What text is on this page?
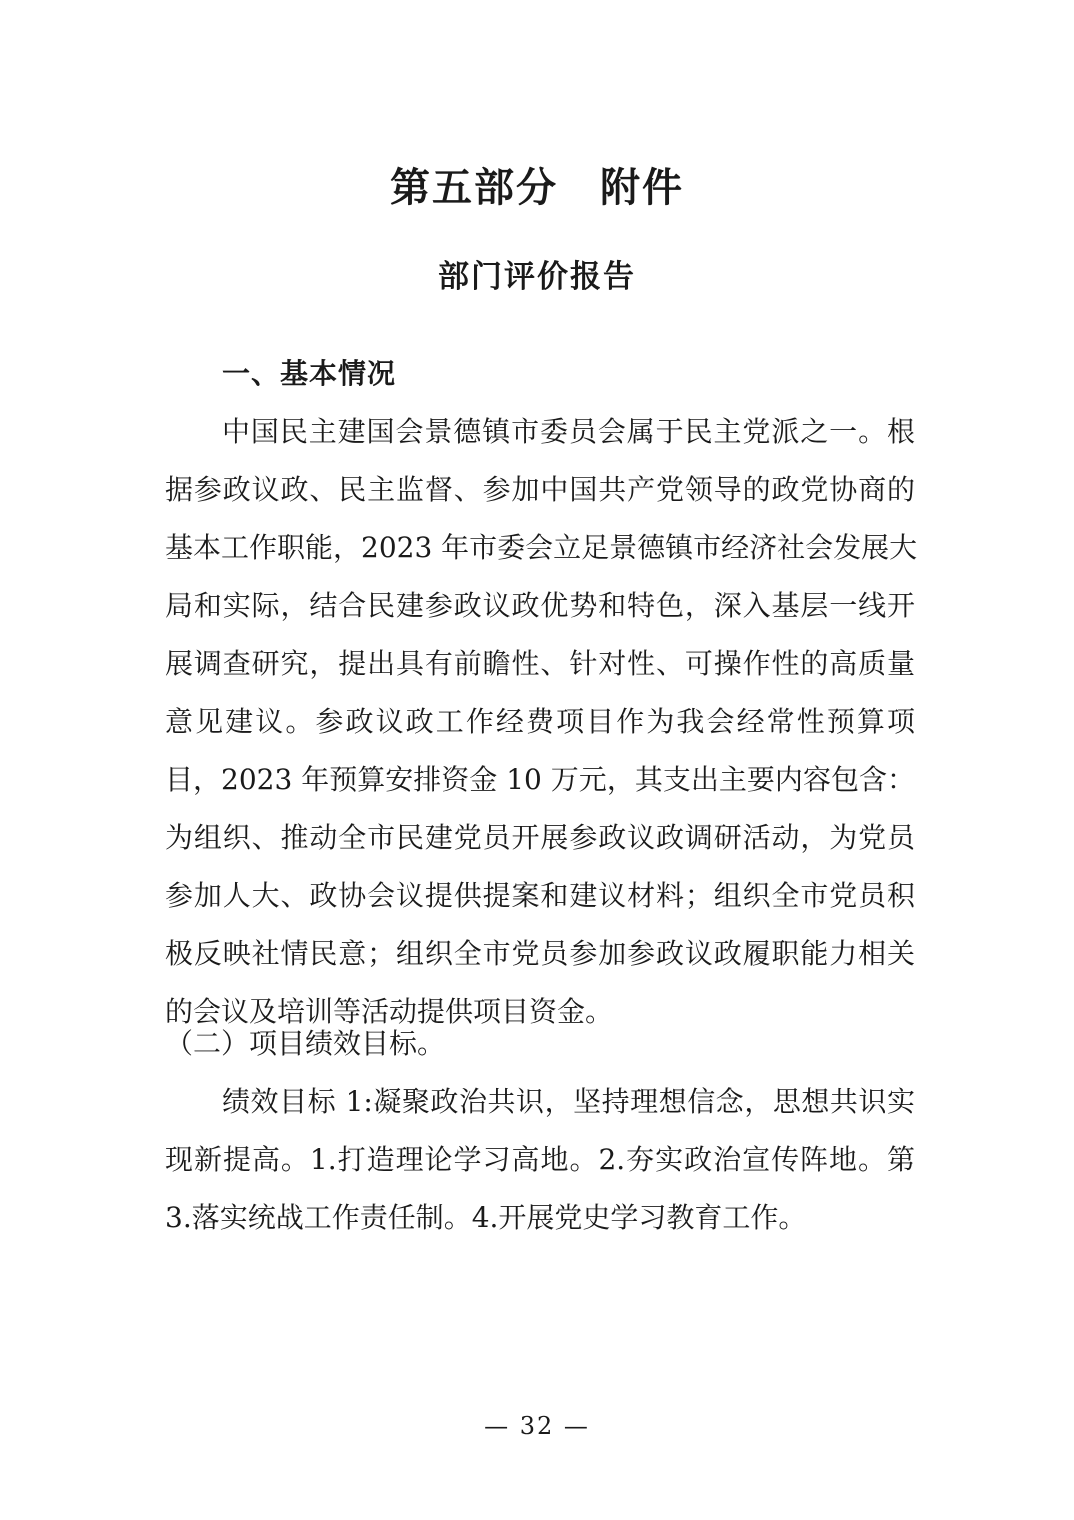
第五部分　附件
部门评价报告
一、基本情况
中国民主建国会景德镇市委员会属于民主党派之一。根
据参政议政、民主监督、参加中国共产党领导的政党协商的
基本工作职能，2023 年市委会立足景德镇市经济社会发展大
局和实际，结合民建参政议政优势和特色，深入基层一线开
展调查研究，提出具有前瞻性、针对性、可操作性的高质量
意见建议。参政议政工作经费项目作为我会经常性预算项
目，2023 年预算安排资金 10 万元，其支出主要内容包含：
为组织、推动全市民建党员开展参政议政调研活动，为党员
参加人大、政协会议提供提案和建议材料；组织全市党员积
极反映社情民意；组织全市党员参加参政议政履职能力相关
的会议及培训等活动提供项目资金。
（二）项目绩效目标。
绩效目标 1:凝聚政治共识，坚持理想信念，思想共识实
现新提高。1.打造理论学习高地。2.夯实政治宣传阵地。第
3.落实统战工作责任制。4.开展党史学习教育工作。
— 32 —
